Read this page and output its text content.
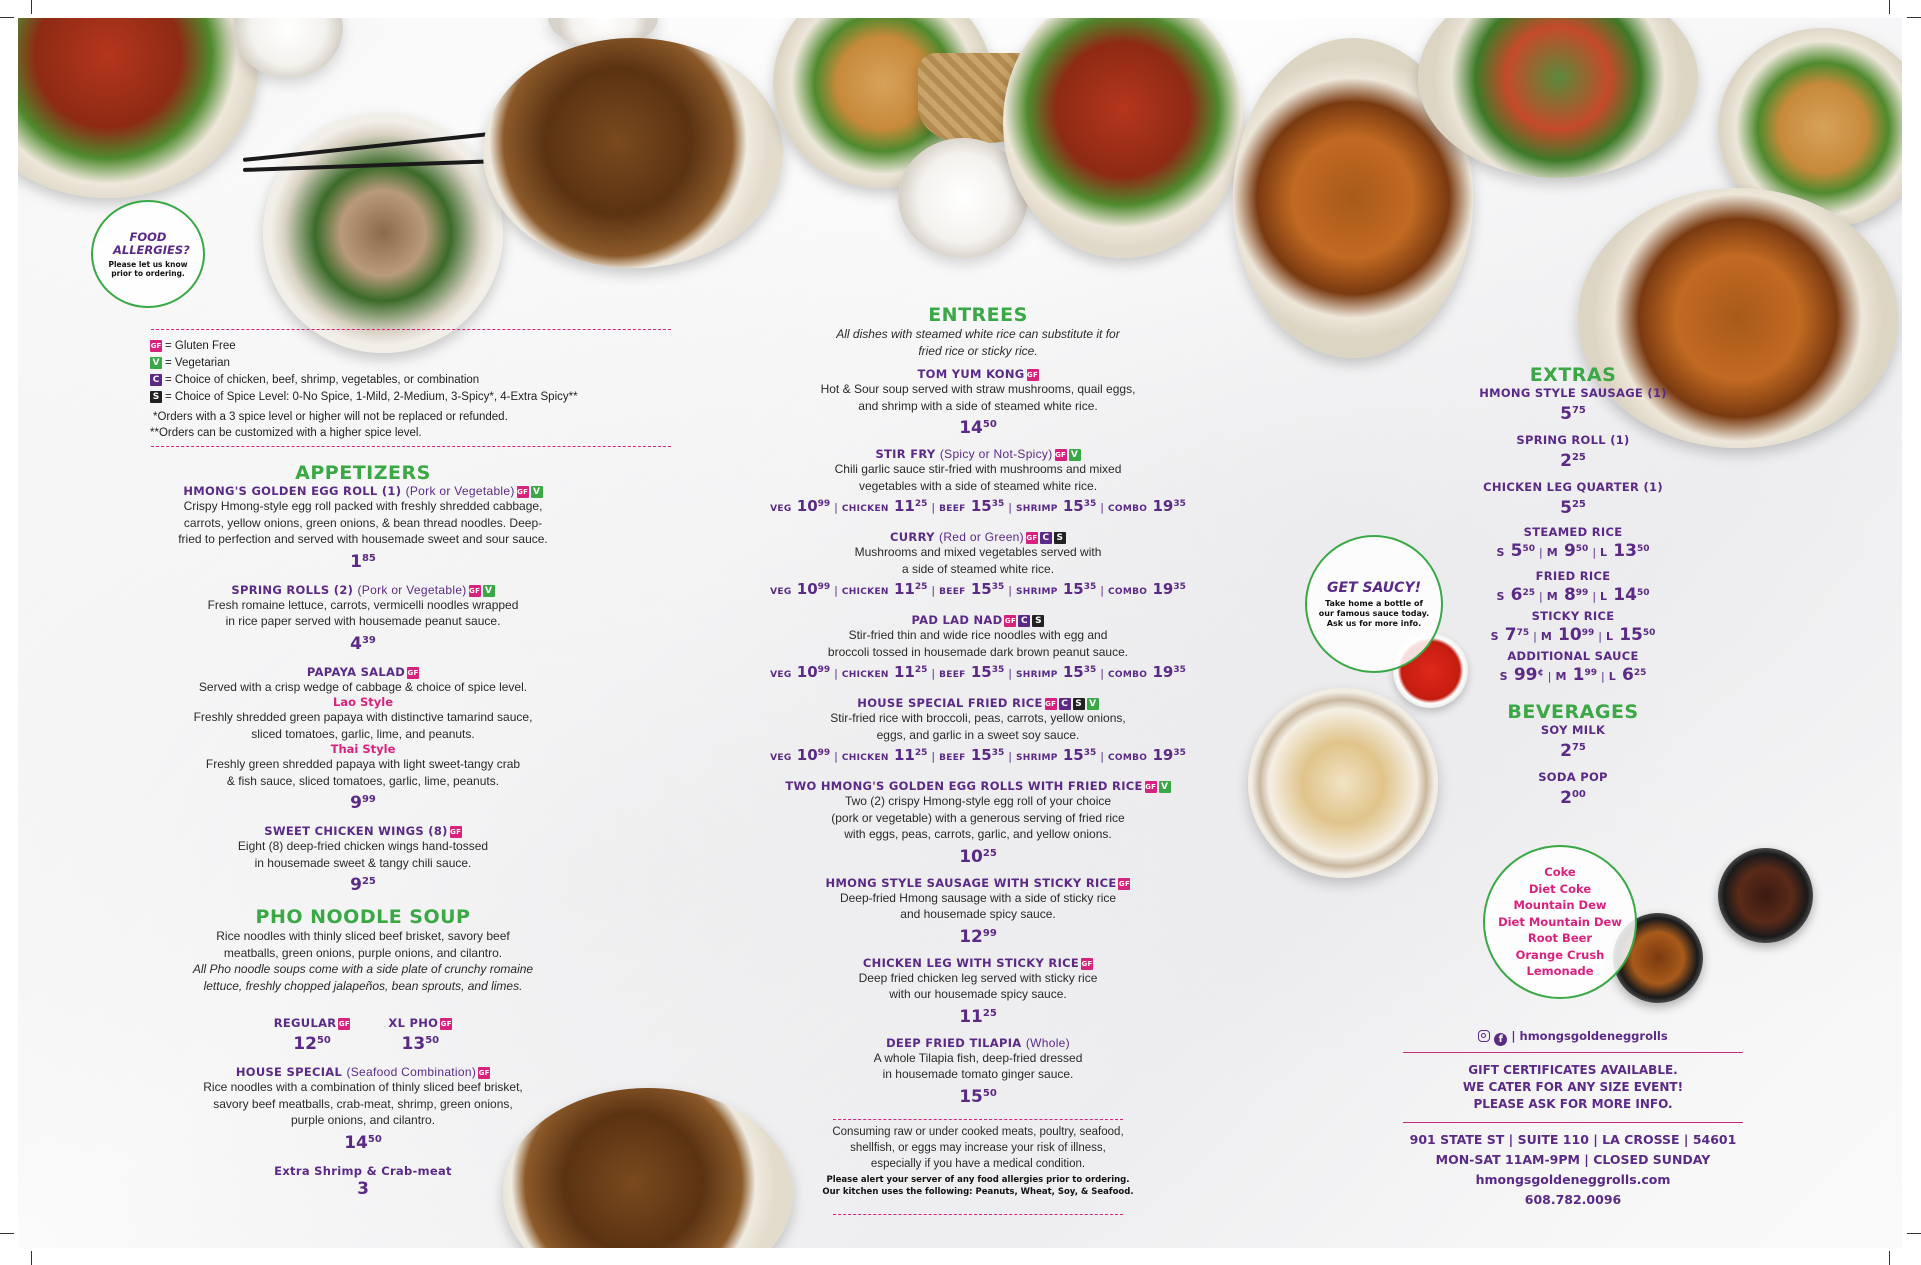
FOOD ALLERGIES?
Please let us know prior to ordering.
GF = Gluten Free
V = Vegetarian
C = Choice of chicken, beef, shrimp, vegetables, or combination
S = Choice of Spice Level: 0-No Spice, 1-Mild, 2-Medium, 3-Spicy*, 4-Extra Spicy**
*Orders with a 3 spice level or higher will not be replaced or refunded.
**Orders can be customized with a higher spice level.
APPETIZERS

HMONG'S GOLDEN EGG ROLL (1) (Pork or Vegetable) GF V

Crispy Hmong-style egg roll packed with freshly shredded cabbage,
carrots, yellow onions, green onions, & bean thread noodles. Deep-
fried to perfection and served with housemade sweet and sour sauce.

$1^{85}$

SPRING ROLLS (2) (Pork or Vegetable) GF V

Fresh romaine lettuce, carrots, vermicelli noodles wrapped
in rice paper served with housemade peanut sauce.

$4^{39}$

PAPAYA SALAD GF

Served with a crisp wedge of cabbage & choice of spice level.

Lao Style

Freshly shredded green papaya with distinctive tamarind sauce,
sliced tomatoes, garlic, lime, and peanuts.

Thai Style

Freshly green shredded papaya with light sweet-tangy crab
& fish sauce, sliced tomatoes, garlic, lime, peanuts.

$9^{99}$

SWEET CHICKEN WINGS (8) GF

Eight (8) deep-fried chicken wings hand-tossed
in housemade sweet & tangy chili sauce.

$9^{25}$

PHO NOODLE SOUP

Rice noodles with thinly sliced beef brisket, savory beef
meatballs, green onions, purple onions, and cilantro.

All Pho noodle soups come with a side plate of crunchy romaine
lettuce, freshly chopped jalapeños, bean sprouts, and limes.

REGULAR GF

$12^{50}$

XL PHO GF

$13^{50}$

HOUSE SPECIAL (Seafood Combination) GF

Rice noodles with a combination of thinly sliced beef brisket,
savory beef meatballs, crab-meat, shrimp, green onions,
purple onions, and cilantro.

$14^{50}$

Extra Shrimp & Crab-meat

3

ENTREES

All dishes with steamed white rice can substitute it for
fried rice or sticky rice.

TOM YUM KONG GF

Hot & Sour soup served with straw mushrooms, quail eggs,
and shrimp with a side of steamed white rice.

$14^{50}$

STIR FRY (Spicy or Not-Spicy) GF V

Chili garlic sauce stir-fried with mushrooms and mixed
vegetables with a side of steamed white rice.

VEG $10^{99}$ | CHICKEN $11^{25}$ | BEEF $15^{35}$ | SHRIMP $15^{35}$ | COMBO $19^{35}$

CURRY (Red or Green) GF C S

Mushrooms and mixed vegetables served with
a side of steamed white rice.

VEG $10^{99}$ | CHICKEN $11^{25}$ | BEEF $15^{35}$ | SHRIMP $15^{35}$ | COMBO $19^{35}$

PAD LAD NAD GF C S

Stir-fried thin and wide rice noodles with egg and
broccoli tossed in housemade dark brown peanut sauce.

VEG $10^{99}$ | CHICKEN $11^{25}$ | BEEF $15^{35}$ | SHRIMP $15^{35}$ | COMBO $19^{35}$

HOUSE SPECIAL FRIED RICE GF C S V

Stir-fried rice with broccoli, peas, carrots, yellow onions,
eggs, and garlic in a sweet soy sauce.

VEG $10^{99}$ | CHICKEN $11^{25}$ | BEEF $15^{35}$ | SHRIMP $15^{35}$ | COMBO $19^{35}$

TWO HMONG'S GOLDEN EGG ROLLS WITH FRIED RICE GF V

Two (2) crispy Hmong-style egg roll of your choice
(pork or vegetable) with a generous serving of fried rice
with eggs, peas, carrots, garlic, and yellow onions.

$10^{25}$

HMONG STYLE SAUSAGE WITH STICKY RICE GF

Deep-fried Hmong sausage with a side of sticky rice
and housemade spicy sauce.

$12^{99}$

CHICKEN LEG WITH STICKY RICE GF

Deep fried chicken leg served with sticky rice
with our housemade spicy sauce.

$11^{25}$

DEEP FRIED TILAPIA (Whole)

A whole Tilapia fish, deep-fried dressed
in housemade tomato ginger sauce.

$15^{50}$

Consuming raw or under cooked meats, poultry, seafood,
shellfish, or eggs may increase your risk of illness,
especially if you have a medical condition.

Please alert your server of any food allergies prior to ordering.
Our kitchen uses the following: Peanuts, Wheat, Soy, & Seafood.

GET SAUCY!
Take home a bottle of
our famous sauce today.
Ask us for more info.
EXTRAS

HMONG STYLE SAUSAGE (1)

$5^{75}$

SPRING ROLL (1)

$2^{25}$

CHICKEN LEG QUARTER (1)

$5^{25}$

STEAMED RICE

S $5^{50}$ | M $9^{50}$ | L $13^{50}$

FRIED RICE

S $6^{25}$ | M $8^{99}$ | L $14^{50}$

STICKY RICE

S $7^{75}$ | M $10^{99}$ | L $15^{50}$

ADDITIONAL SAUCE

S 99¢ | M $1^{99}$ | L $6^{25}$

BEVERAGES

SOY MILK

$2^{75}$

SODA POP

$2^{00}$

Coke
Diet Coke
Mountain Dew
Diet Mountain Dew
Root Beer
Orange Crush
Lemonade

f | hmongsgoldeneggrolls

GIFT CERTIFICATES AVAILABLE.
WE CATER FOR ANY SIZE EVENT!
PLEASE ASK FOR MORE INFO.

901 STATE ST | SUITE 110 | LA CROSSE | 54601

MON-SAT 11AM-9PM | CLOSED SUNDAY

hmongsgoldeneggrolls.com

608.782.0096
